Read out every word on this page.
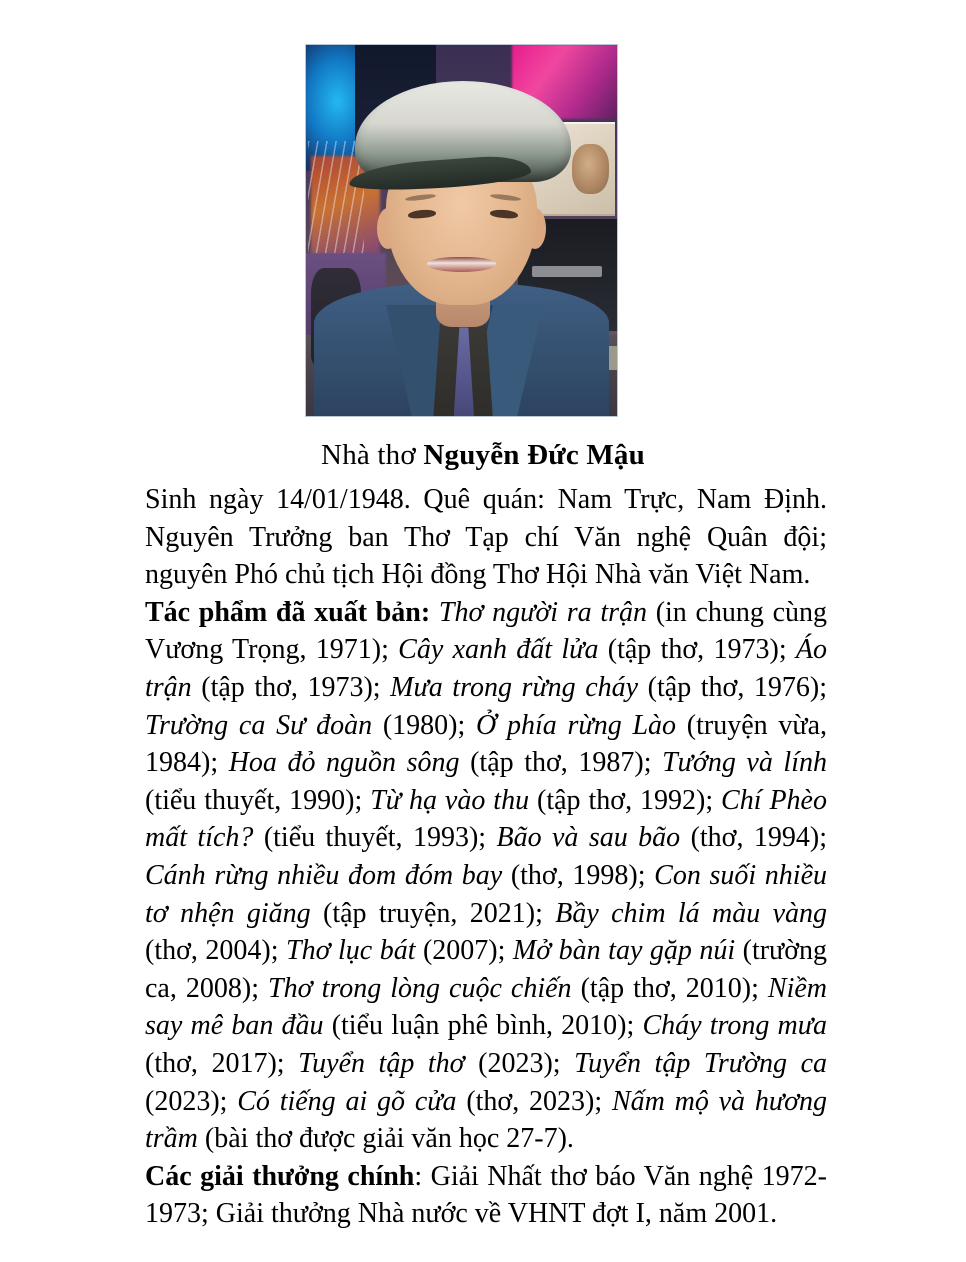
Nhà thơ Nguyễn Đức Mậu

Sinh ngày 14/01/1948. Quê quán: Nam Trực, Nam Định. Nguyên Trưởng ban Thơ Tạp chí Văn nghệ Quân đội; nguyên Phó chủ tịch Hội đồng Thơ Hội Nhà văn Việt Nam.

Tác phẩm đã xuất bản: Thơ người ra trận (in chung cùng Vương Trọng, 1971); Cây xanh đất lửa (tập thơ, 1973); Áo trận (tập thơ, 1973); Mưa trong rừng cháy (tập thơ, 1976); Trường ca Sư đoàn (1980); Ở phía rừng Lào (truyện vừa, 1984); Hoa đỏ nguồn sông (tập thơ, 1987); Tướng và lính (tiểu thuyết, 1990); Từ hạ vào thu (tập thơ, 1992); Chí Phèo mất tích? (tiểu thuyết, 1993); Bão và sau bão (thơ, 1994); Cánh rừng nhiều đom đóm bay (thơ, 1998); Con suối nhiều tơ nhện giăng (tập truyện, 2021); Bầy chim lá màu vàng (thơ, 2004); Thơ lục bát (2007); Mở bàn tay gặp núi (trường ca, 2008); Thơ trong lòng cuộc chiến (tập thơ, 2010); Niềm say mê ban đầu (tiểu luận phê bình, 2010); Cháy trong mưa (thơ, 2017); Tuyển tập thơ (2023); Tuyển tập Trường ca (2023); Có tiếng ai gõ cửa (thơ, 2023); Nấm mộ và hương trầm (bài thơ được giải văn học 27-7).

Các giải thưởng chính: Giải Nhất thơ báo Văn nghệ 1972-1973; Giải thưởng Nhà nước về VHNT đợt I, năm 2001.
